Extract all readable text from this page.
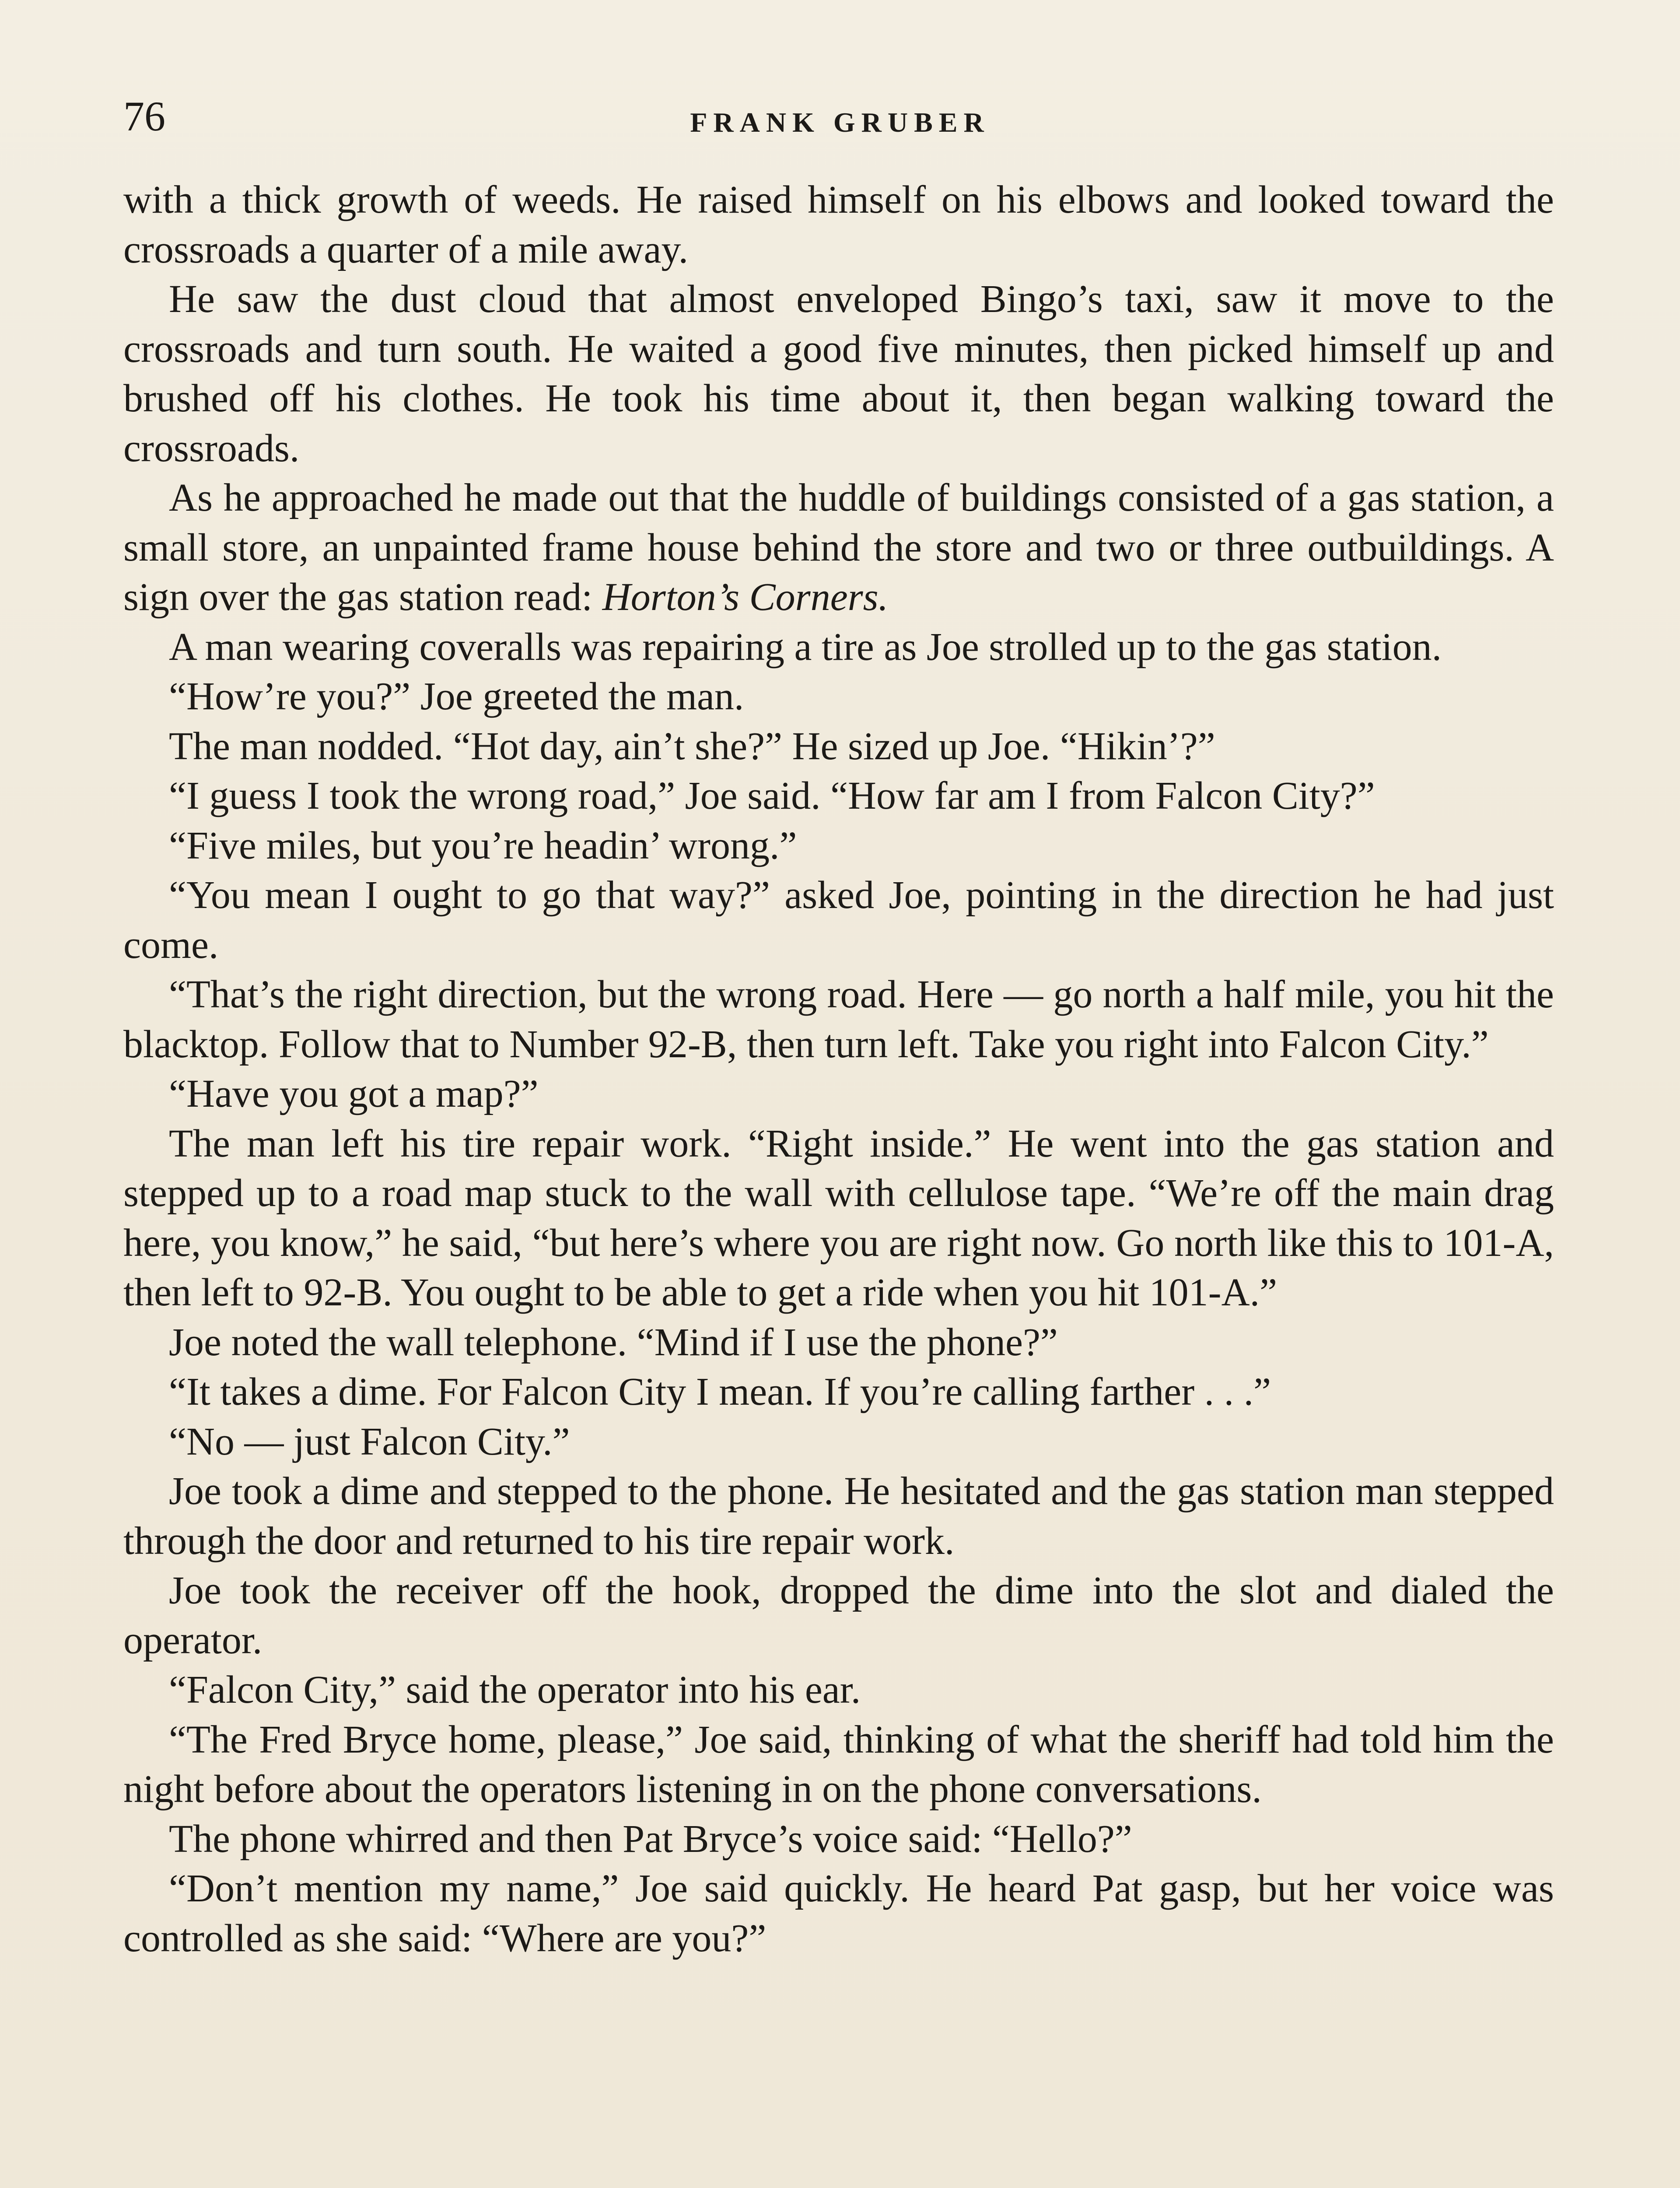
76	FRANK GRUBER

with a thick growth of weeds. He raised himself on his elbows and looked toward the crossroads a quarter of a mile away.

He saw the dust cloud that almost enveloped Bingo’s taxi, saw it move to the crossroads and turn south. He waited a good five minutes, then picked himself up and brushed off his clothes. He took his time about it, then began walking toward the crossroads.

As he approached he made out that the huddle of buildings consisted of a gas station, a small store, an unpainted frame house behind the store and two or three outbuildings. A sign over the gas station read: Horton’s Corners.

A man wearing coveralls was repairing a tire as Joe strolled up to the gas station.

“How’re you?” Joe greeted the man.

The man nodded. “Hot day, ain’t she?” He sized up Joe. “Hikin’?”

“I guess I took the wrong road,” Joe said. “How far am I from Falcon City?”

“Five miles, but you’re headin’ wrong.”

“You mean I ought to go that way?” asked Joe, pointing in the direction he had just come.

“That’s the right direction, but the wrong road. Here — go north a half mile, you hit the blacktop. Follow that to Number 92-B, then turn left. Take you right into Falcon City.”

“Have you got a map?”

The man left his tire repair work. “Right inside.” He went into the gas station and stepped up to a road map stuck to the wall with cellulose tape. “We’re off the main drag here, you know,” he said, “but here’s where you are right now. Go north like this to 101-A, then left to 92-B. You ought to be able to get a ride when you hit 101-A.”

Joe noted the wall telephone. “Mind if I use the phone?”

“It takes a dime. For Falcon City I mean. If you’re calling farther . . .”

“No — just Falcon City.”

Joe took a dime and stepped to the phone. He hesitated and the gas station man stepped through the door and returned to his tire repair work.

Joe took the receiver off the hook, dropped the dime into the slot and dialed the operator.

“Falcon City,” said the operator into his ear.

“The Fred Bryce home, please,” Joe said, thinking of what the sheriff had told him the night before about the operators listening in on the phone conversations.

The phone whirred and then Pat Bryce’s voice said: “Hello?”

“Don’t mention my name,” Joe said quickly. He heard Pat gasp, but her voice was controlled as she said: “Where are you?”
